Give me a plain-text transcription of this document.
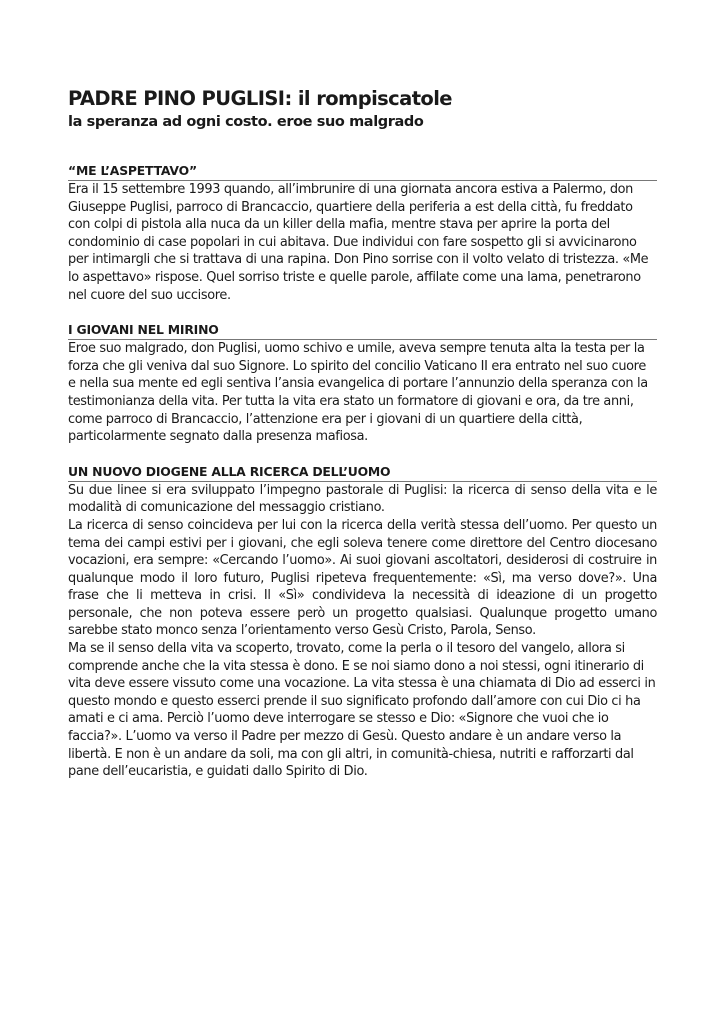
PADRE PINO PUGLISI: il rompiscatole
la speranza ad ogni costo. eroe suo malgrado
“ME L’ASPETTAVO”

Era il 15 settembre 1993 quando, all’imbrunire di una giornata ancora estiva a Palermo, don Giuseppe Puglisi, parroco di Brancaccio, quartiere della periferia a est della città, fu freddato con colpi di pistola alla nuca da un killer della mafia, mentre stava per aprire la porta del condominio di case popolari in cui abitava. Due individui con fare sospetto gli si avvicinarono per intimargli che si trattava di una rapina. Don Pino sorrise con il volto velato di tristezza. «Me lo aspettavo» rispose. Quel sorriso triste e quelle parole, affilate come una lama, penetrarono nel cuore del suo uccisore.

I GIOVANI NEL MIRINO

Eroe suo malgrado, don Puglisi, uomo schivo e umile, aveva sempre tenuta alta la testa per la forza che gli veniva dal suo Signore. Lo spirito del concilio Vaticano II era entrato nel suo cuore e nella sua mente ed egli sentiva l’ansia evangelica di portare l’annunzio della speranza con la testimonianza della vita. Per tutta la vita era stato un formatore di giovani e ora, da tre anni, come parroco di Brancaccio, l’attenzione era per i giovani di un quartiere della città, particolarmente segnato dalla presenza mafiosa.

UN NUOVO DIOGENE ALLA RICERCA DELL’UOMO

Su due linee si era sviluppato l’impegno pastorale di Puglisi: la ricerca di senso della vita e le modalità di comunicazione del messaggio cristiano.

La ricerca di senso coincideva per lui con la ricerca della verità stessa dell’uomo. Per questo un tema dei campi estivi per i giovani, che egli soleva tenere come direttore del Centro diocesano vocazioni, era sempre: «Cercando l’uomo». Ai suoi giovani ascoltatori, desiderosi di costruire in qualunque modo il loro futuro, Puglisi ripeteva frequentemente: «Sì, ma verso dove?». Una frase che li metteva in crisi. Il «Sì» condivideva la necessità di ideazione di un progetto personale, che non poteva essere però un progetto qualsiasi. Qualunque progetto umano sarebbe stato monco senza l’orientamento verso Gesù Cristo, Parola, Senso.

Ma se il senso della vita va scoperto, trovato, come la perla o il tesoro del vangelo, allora si comprende anche che la vita stessa è dono. E se noi siamo dono a noi stessi, ogni itinerario di vita deve essere vissuto come una vocazione. La vita stessa è una chiamata di Dio ad esserci in questo mondo e questo esserci prende il suo significato profondo dall’amore con cui Dio ci ha amati e ci ama. Perciò l’uomo deve interrogare se stesso e Dio: «Signore che vuoi che io faccia?». L’uomo va verso il Padre per mezzo di Gesù. Questo andare è un andare verso la libertà. E non è un andare da soli, ma con gli altri, in comunità-chiesa, nutriti e rafforzarti dal pane dell’eucaristia, e guidati dallo Spirito di Dio.
